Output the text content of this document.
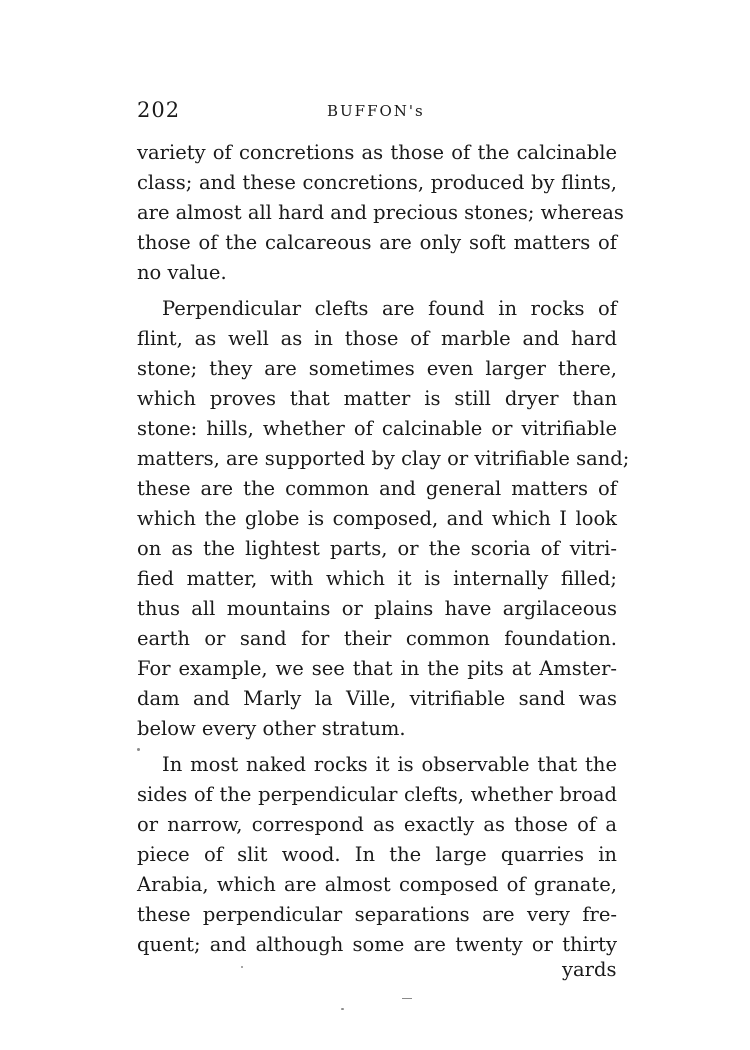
202	BUFFON's
variety of concretions as those of the calcinable
class; and these concretions, produced by flints,
are almost all hard and precious stones; whereas
those of the calcareous are only soft matters of
no value.
Perpendicular clefts are found in rocks of
flint, as well as in those of marble and hard
stone; they are sometimes even larger there,
which proves that matter is still dryer than
stone: hills, whether of calcinable or vitrifiable
matters, are supported by clay or vitrifiable sand;
these are the common and general matters of
which the globe is composed, and which I look
on as the lightest parts, or the scoria of vitri-
fied matter, with which it is internally filled;
thus all mountains or plains have argilaceous
earth or sand for their common foundation.
For example, we see that in the pits at Amster-
dam and Marly la Ville, vitrifiable sand was
below every other stratum.
In most naked rocks it is observable that the
sides of the perpendicular clefts, whether broad
or narrow, correspond as exactly as those of a
piece of slit wood. In the large quarries in
Arabia, which are almost composed of granate,
these perpendicular separations are very fre-
quent; and although some are twenty or thirty
yards
